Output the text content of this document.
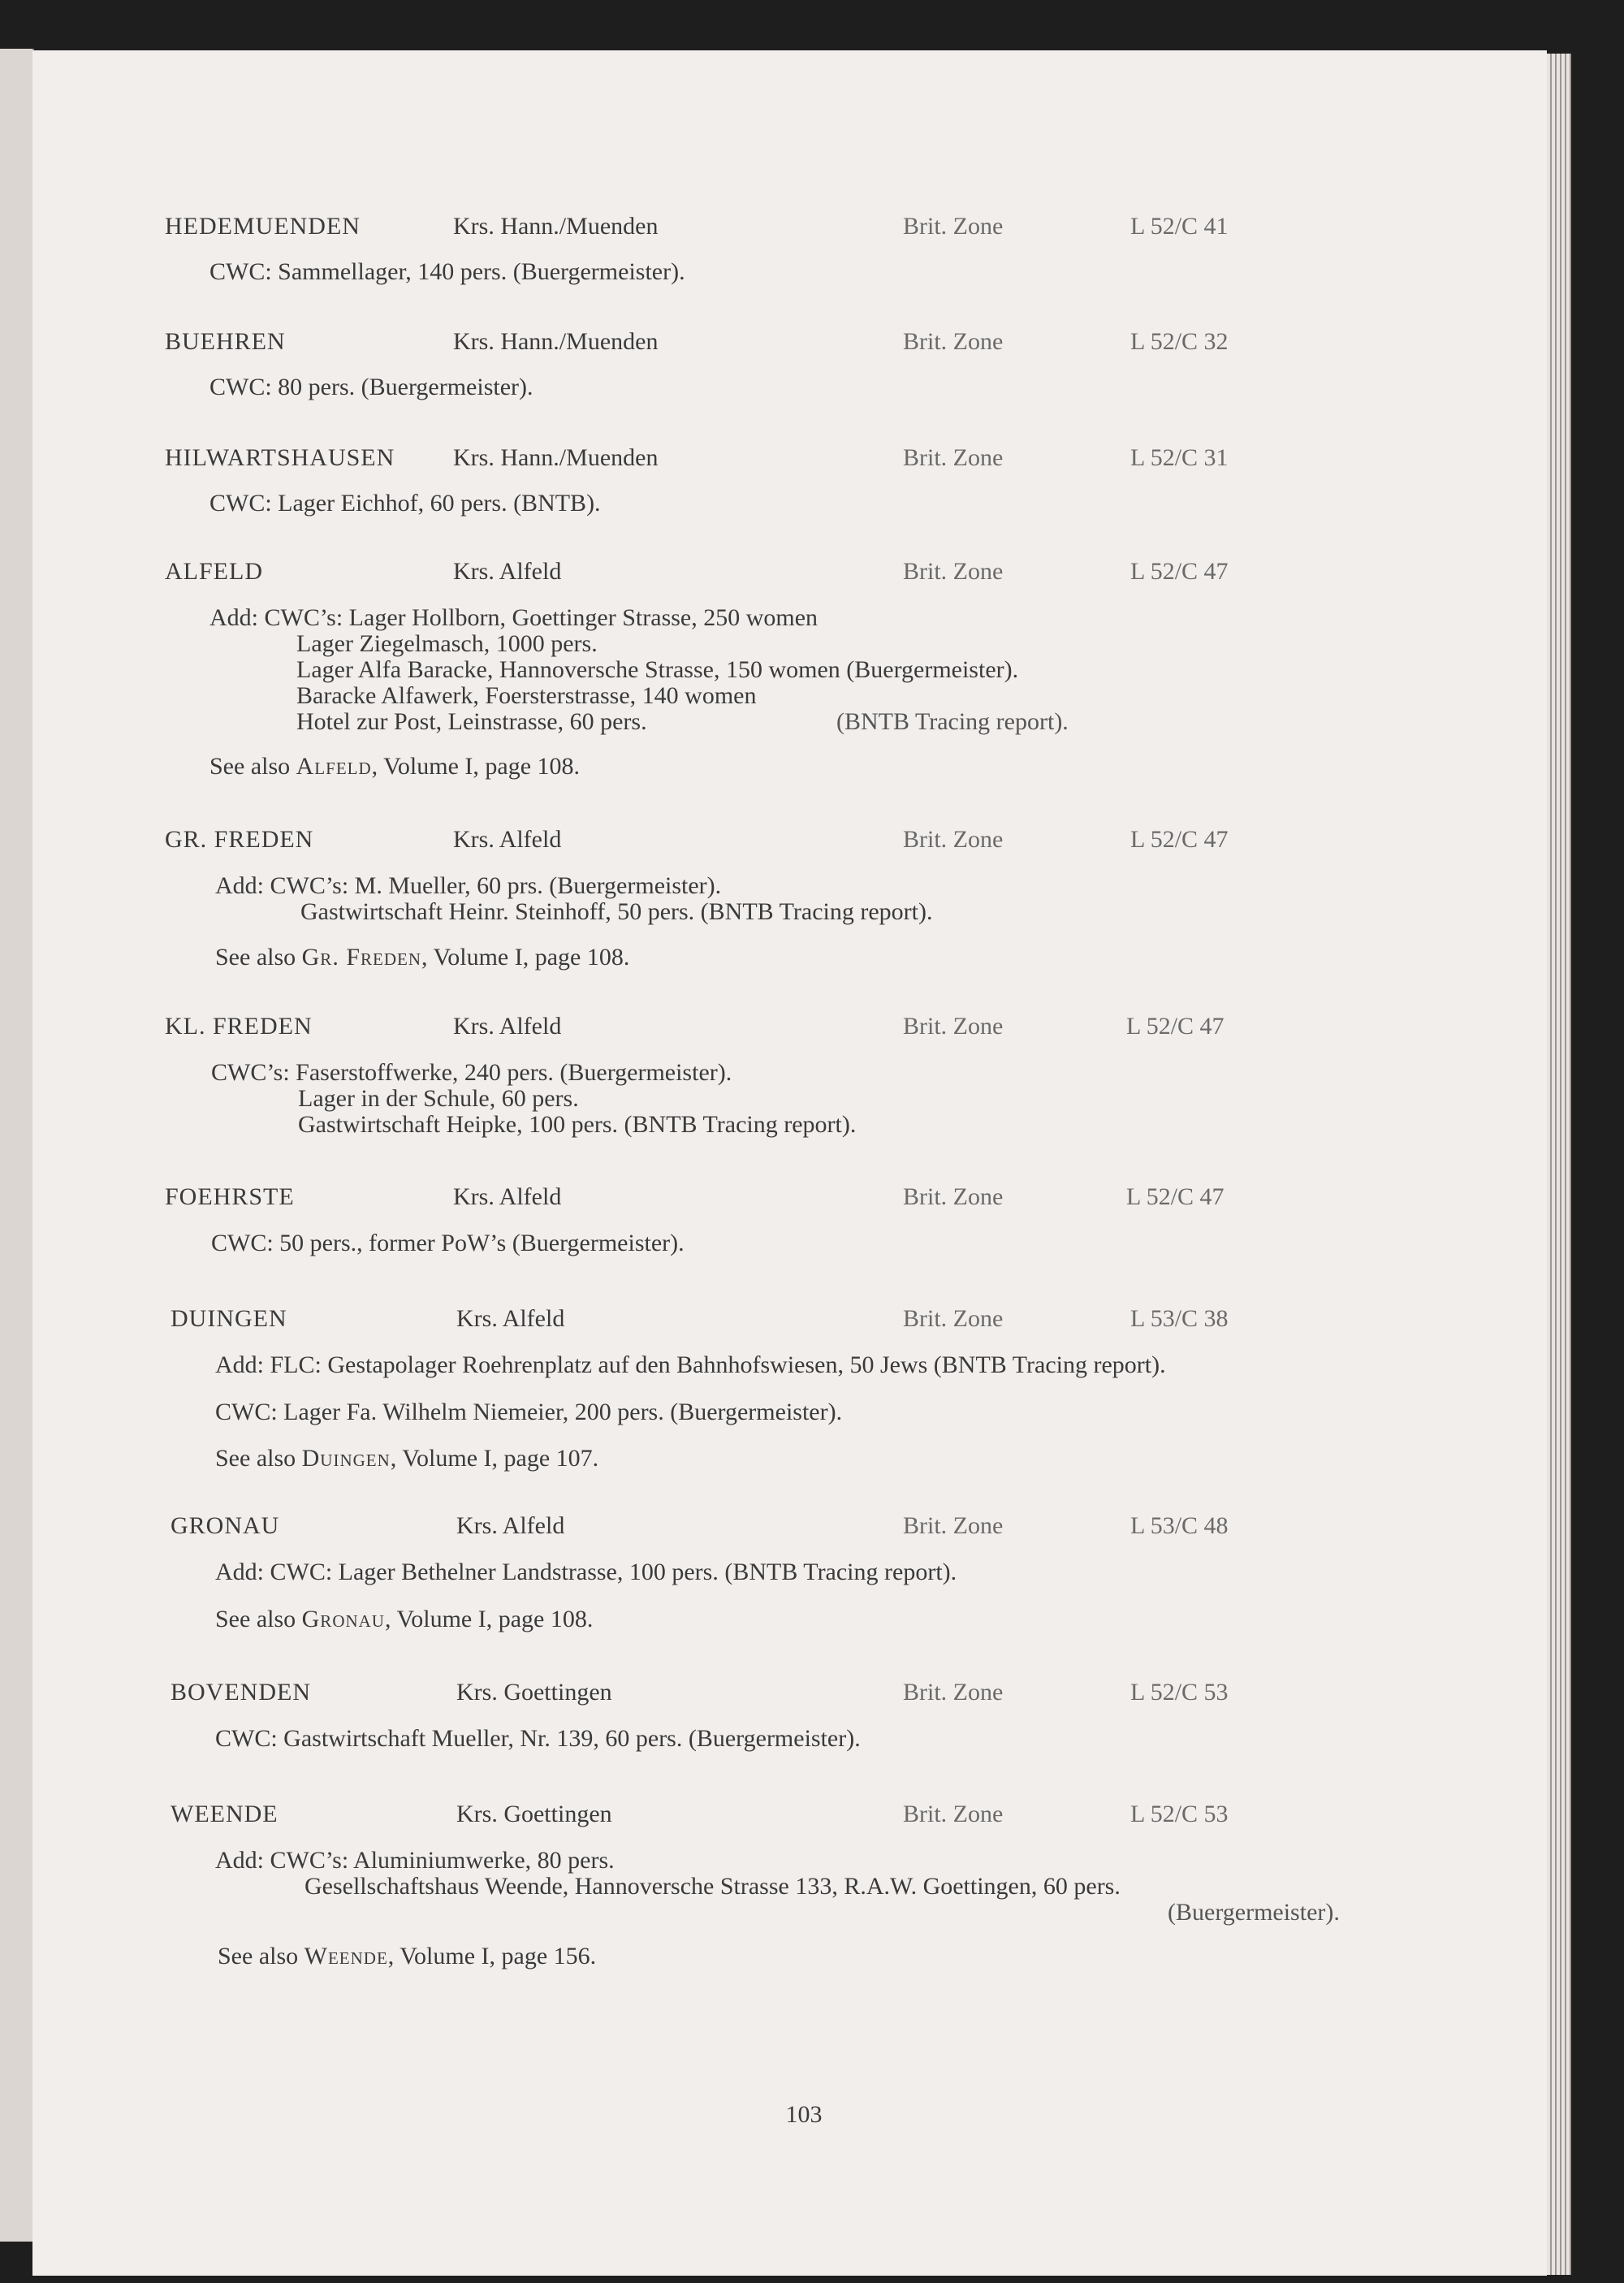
HEDEMUENDEN	Krs. Hann./Muenden	Brit. Zone	L 52/C 41
CWC: Sammellager, 140 pers. (Buergermeister).
BUEHREN	Krs. Hann./Muenden	Brit. Zone	L 52/C 32
CWC: 80 pers. (Buergermeister).
HILWARTSHAUSEN Krs. Hann./Muenden	Brit. Zone	L 52/C 31
CWC: Lager Eichhof, 60 pers. (BNTB).
ALFELD	Krs. Alfeld	Brit. Zone	L 52/C 47
Add: CWC’s: Lager Hollborn, Goettinger Strasse, 250 women
Lager Ziegelmasch, 1000 pers.
Lager Alfa Baracke, Hannoversche Strasse, 150 women (Buergermeister).
Baracke Alfawerk, Foersterstrasse, 140 women
Hotel zur Post, Leinstrasse, 60 pers.	(BNTB Tracing report).
See also Alfeld, Volume I, page 108.
GR. FREDEN	Krs. Alfeld	Brit. Zone	L 52/C 47
Add: CWC’s: M. Mueller, 60 prs. (Buergermeister).
Gastwirtschaft Heinr. Steinhoff, 50 pers. (BNTB Tracing report).
See also Gr. Freden, Volume I, page 108.
KL. FREDEN	Krs. Alfeld	Brit. Zone	L 52/C 47
CWC’s: Faserstoffwerke, 240 pers. (Buergermeister).
Lager in der Schule, 60 pers.
Gastwirtschaft Heipke, 100 pers. (BNTB Tracing report).
FOEHRSTE	Krs. Alfeld	Brit. Zone	L 52/C 47
CWC: 50 pers., former PoW’s (Buergermeister).
DUINGEN	Krs. Alfeld	Brit. Zone	L 53/C 38
Add: FLC: Gestapolager Roehrenplatz auf den Bahnhofswiesen, 50 Jews (BNTB Tracing report).
CWC: Lager Fa. Wilhelm Niemeier, 200 pers. (Buergermeister).
See also Duingen, Volume I, page 107.
GRONAU	Krs. Alfeld	Brit. Zone	L 53/C 48
Add: CWC: Lager Bethelner Landstrasse, 100 pers. (BNTB Tracing report).
See also Gronau, Volume I, page 108.
BOVENDEN	Krs. Goettingen	Brit. Zone	L 52/C 53
CWC: Gastwirtschaft Mueller, Nr. 139, 60 pers. (Buergermeister).
WEENDE	Krs. Goettingen	Brit. Zone	L 52/C 53
Add: CWC’s: Aluminiumwerke, 80 pers.
Gesellschaftshaus Weende, Hannoversche Strasse 133, R.A.W. Goettingen, 60 pers.
(Buergermeister).
See also Weende, Volume I, page 156.
103
